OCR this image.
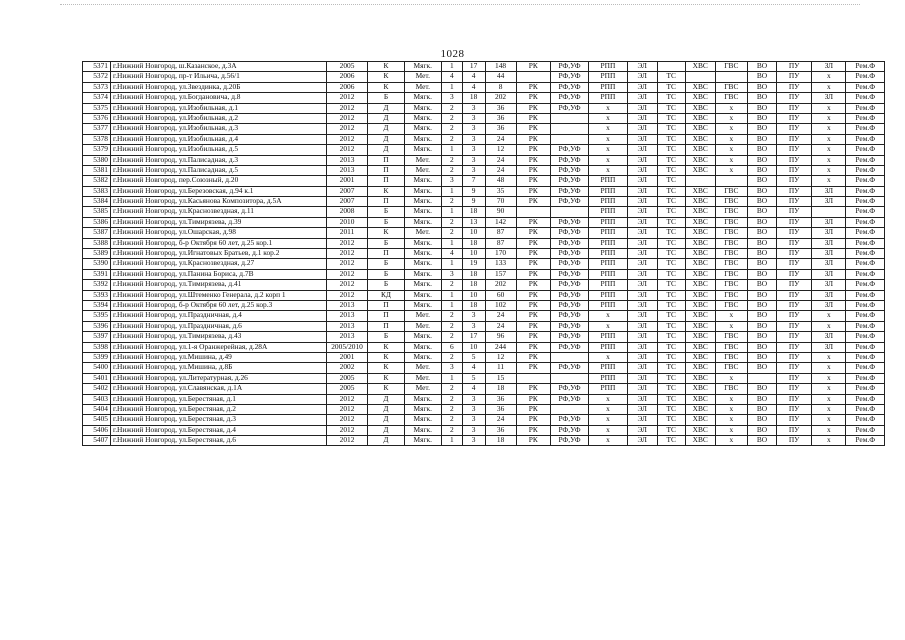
1028
5371	г.Нижний Новгород, ш.Казанское, д.3А	2005	К	Мягк.	1	17	148	РК	РФ,УФ	РПП	ЭЛ		ХВС	ГВС	ВО	ПУ	ЗЛ	Рем.Ф
5372	г.Нижний Новгород, пр-т Ильича, д.56/1	2006	К	Мет.	4	4	44		РФ,УФ	РПП	ЭЛ	ТС			ВО	ПУ	х	Рем.Ф
5373	г.Нижний Новгород, ул.Звездинка, д.20Б	2006	К	Мет.	1	4	8	РК	РФ,УФ	РПП	ЭЛ	ТС	ХВС	ГВС	ВО	ПУ	х	Рем.Ф
5374	г.Нижний Новгород, ул.Богдановича, д.8	2012	Б	Мягк.	3	18	202	РК	РФ,УФ	РПП	ЭЛ	ТС	ХВС	ГВС	ВО	ПУ	ЗЛ	Рем.Ф
5375	г.Нижний Новгород, ул.Изобильная, д.1	2012	Д	Мягк.	2	3	36	РК	РФ,УФ	х	ЭЛ	ТС	ХВС	х	ВО	ПУ	х	Рем.Ф
5376	г.Нижний Новгород, ул.Изобильная, д.2	2012	Д	Мягк.	2	3	36	РК		х	ЭЛ	ТС	ХВС	х	ВО	ПУ	х	Рем.Ф
5377	г.Нижний Новгород, ул.Изобильная, д.3	2012	Д	Мягк.	2	3	36	РК		х	ЭЛ	ТС	ХВС	х	ВО	ПУ	х	Рем.Ф
5378	г.Нижний Новгород, ул.Изобильная, д.4	2012	Д	Мягк.	2	3	24	РК		х	ЭЛ	ТС	ХВС	х	ВО	ПУ	х	Рем.Ф
5379	г.Нижний Новгород, ул.Изобильная, д.5	2012	Д	Мягк.	1	3	12	РК	РФ,УФ	х	ЭЛ	ТС	ХВС	х	ВО	ПУ	х	Рем.Ф
5380	г.Нижний Новгород, ул.Палисадная, д.3	2013	П	Мет.	2	3	24	РК	РФ,УФ	х	ЭЛ	ТС	ХВС	х	ВО	ПУ	х	Рем.Ф
5381	г.Нижний Новгород, ул.Палисадная, д.5	2013	П	Мет.	2	3	24	РК	РФ,УФ	х	ЭЛ	ТС	ХВС	х	ВО	ПУ	х	Рем.Ф
5382	г.Нижний Новгород, пер.Союзный, д.20	2001	П	Мягк.	3	7	48	РК	РФ,УФ	РПП	ЭЛ	ТС			ВО	ПУ	х	Рем.Ф
5383	г.Нижний Новгород, ул.Березовская, д.94 к.1	2007	К	Мягк.	1	9	35	РК	РФ,УФ	РПП	ЭЛ	ТС	ХВС	ГВС	ВО	ПУ	ЗЛ	Рем.Ф
5384	г.Нижний Новгород, ул.Касьянова Композитора, д.5А	2007	П	Мягк.	2	9	70	РК	РФ,УФ	РПП	ЭЛ	ТС	ХВС	ГВС	ВО	ПУ	ЗЛ	Рем.Ф
5385	г.Нижний Новгород, ул.Краснозвездная, д.11	2008	Б	Мягк.	1	18	90			РПП	ЭЛ	ТС	ХВС	ГВС	ВО	ПУ		Рем.Ф
5386	г.Нижний Новгород, ул.Тимирязева, д.39	2010	Б	Мягк.	2	13	142	РК	РФ,УФ	РПП	ЭЛ	ТС	ХВС	ГВС	ВО	ПУ	ЗЛ	Рем.Ф
5387	г.Нижний Новгород, ул.Ошарская, д.98	2011	К	Мет.	2	10	87	РК	РФ,УФ	РПП	ЭЛ	ТС	ХВС	ГВС	ВО	ПУ	ЗЛ	Рем.Ф
5388	г.Нижний Новгород, б-р Октября 60 лет, д.25 кор.1	2012	Б	Мягк.	1	18	87	РК	РФ,УФ	РПП	ЭЛ	ТС	ХВС	ГВС	ВО	ПУ	ЗЛ	Рем.Ф
5389	г.Нижний Новгород, ул.Игнатовых Братьев, д.1 кор.2	2012	П	Мягк.	4	10	170	РК	РФ,УФ	РПП	ЭЛ	ТС	ХВС	ГВС	ВО	ПУ	ЗЛ	Рем.Ф
5390	г.Нижний Новгород, ул.Краснозвездная, д.27	2012	Б	Мягк.	1	19	133	РК	РФ,УФ	РПП	ЭЛ	ТС	ХВС	ГВС	ВО	ПУ	ЗЛ	Рем.Ф
5391	г.Нижний Новгород, ул.Панина Бориса, д.7В	2012	Б	Мягк.	3	18	157	РК	РФ,УФ	РПП	ЭЛ	ТС	ХВС	ГВС	ВО	ПУ	ЗЛ	Рем.Ф
5392	г.Нижний Новгород, ул.Тимирязева, д.41	2012	Б	Мягк.	2	18	202	РК	РФ,УФ	РПП	ЭЛ	ТС	ХВС	ГВС	ВО	ПУ	ЗЛ	Рем.Ф
5393	г.Нижний Новгород, ул.Штеменко Генерала, д.2 корп 1	2012	КД	Мягк.	1	10	60	РК	РФ,УФ	РПП	ЭЛ	ТС	ХВС	ГВС	ВО	ПУ	ЗЛ	Рем.Ф
5394	г.Нижний Новгород, б-р Октября 60 лет, д.25 кор.3	2013	П	Мягк.	1	18	102	РК	РФ,УФ	РПП	ЭЛ	ТС	ХВС	ГВС	ВО	ПУ	ЗЛ	Рем.Ф
5395	г.Нижний Новгород, ул.Праздничная, д.4	2013	П	Мет.	2	3	24	РК	РФ,УФ	х	ЭЛ	ТС	ХВС	х	ВО	ПУ	х	Рем.Ф
5396	г.Нижний Новгород, ул.Праздничная, д.6	2013	П	Мет.	2	3	24	РК	РФ,УФ	х	ЭЛ	ТС	ХВС	х	ВО	ПУ	х	Рем.Ф
5397	г.Нижний Новгород, ул.Тимирязева, д.43	2013	Б	Мягк.	2	17	96	РК	РФ,УФ	РПП	ЭЛ	ТС	ХВС	ГВС	ВО	ПУ	ЗЛ	Рем.Ф
5398	г.Нижний Новгород, ул.1-я Оранжерейная, д.28А	2005/2010	К	Мягк.	6	10	244	РК	РФ,УФ	РПП	ЭЛ	ТС	ХВС	ГВС	ВО	ПУ	ЗЛ	Рем.Ф
5399	г.Нижний Новгород, ул.Мишина, д.49	2001	К	Мягк.	2	5	12	РК		х	ЭЛ	ТС	ХВС	ГВС	ВО	ПУ	х	Рем.Ф
5400	г.Нижний Новгород, ул.Мишина, д.8Б	2002	К	Мет.	3	4	11	РК	РФ,УФ	РПП	ЭЛ	ТС	ХВС	ГВС	ВО	ПУ	х	Рем.Ф
5401	г.Нижний Новгород, ул.Литературная, д.26	2005	К	Мет.	1	5	15			РПП	ЭЛ	ТС	ХВС	х		ПУ	х	Рем.Ф
5402	г.Нижний Новгород, ул.Славянская, д.1А	2005	К	Мет.	2	4	18	РК	РФ,УФ	РПП	ЭЛ	ТС	ХВС	ГВС	ВО	ПУ	х	Рем.Ф
5403	г.Нижний Новгород, ул.Берестяная, д.1	2012	Д	Мягк.	2	3	36	РК	РФ,УФ	х	ЭЛ	ТС	ХВС	х	ВО	ПУ	х	Рем.Ф
5404	г.Нижний Новгород, ул.Берестяная, д.2	2012	Д	Мягк.	2	3	36	РК		х	ЭЛ	ТС	ХВС	х	ВО	ПУ	х	Рем.Ф
5405	г.Нижний Новгород, ул.Берестяная, д.3	2012	Д	Мягк.	2	3	24	РК	РФ,УФ	х	ЭЛ	ТС	ХВС	х	ВО	ПУ	х	Рем.Ф
5406	г.Нижний Новгород, ул.Берестяная, д.4	2012	Д	Мягк.	2	3	36	РК	РФ,УФ	х	ЭЛ	ТС	ХВС	х	ВО	ПУ	х	Рем.Ф
5407	г.Нижний Новгород, ул.Берестяная, д.6	2012	Д	Мягк.	1	3	18	РК	РФ,УФ	х	ЭЛ	ТС	ХВС	х	ВО	ПУ	х	Рем.Ф
